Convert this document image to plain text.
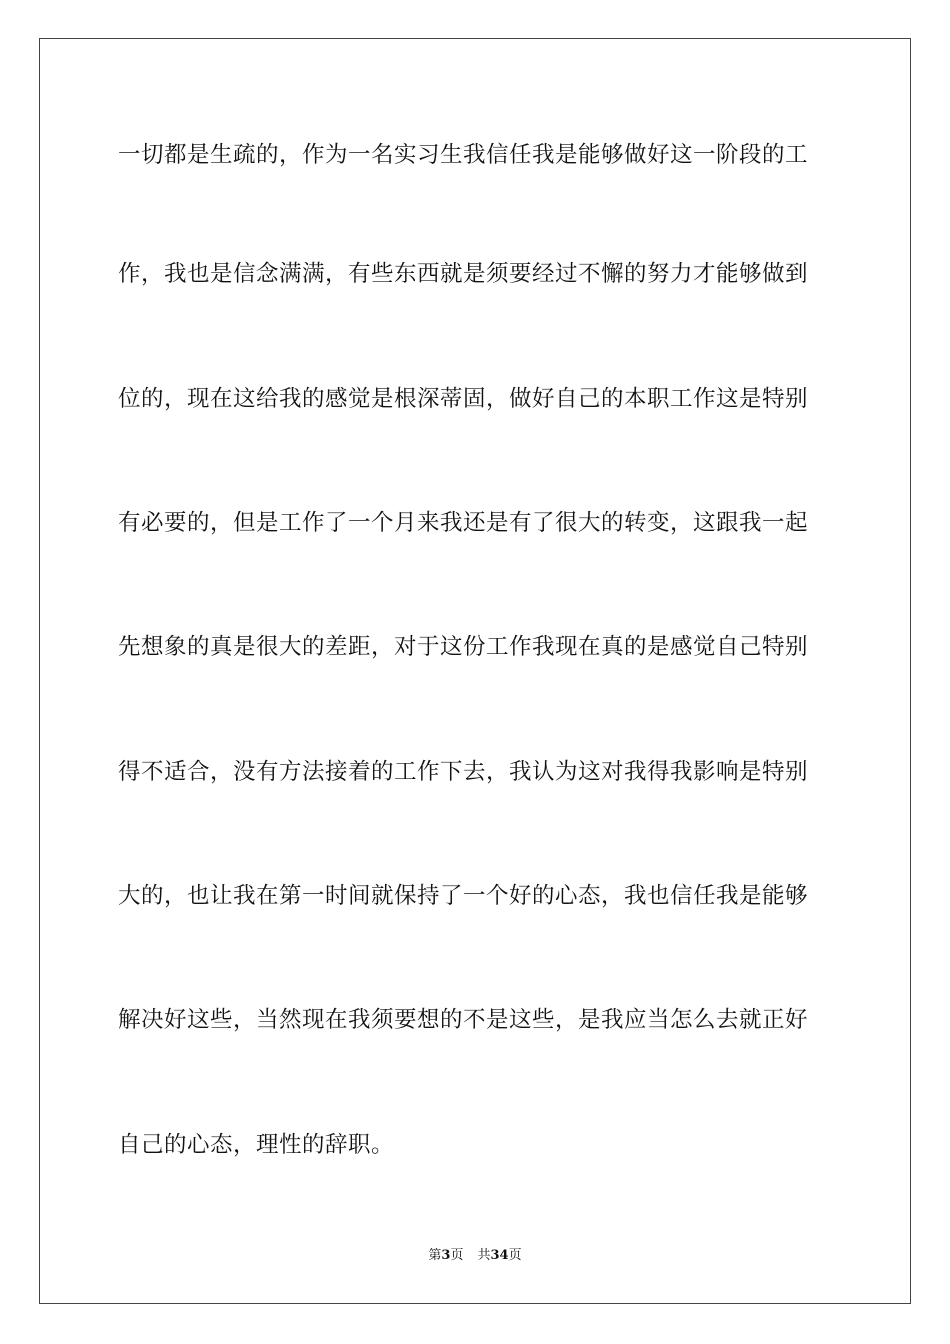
一切都是生疏的，作为一名实习生我信任我是能够做好这一阶段的工
作，我也是信念满满，有些东西就是须要经过不懈的努力才能够做到
位的，现在这给我的感觉是根深蒂固，做好自己的本职工作这是特别
有必要的，但是工作了一个月来我还是有了很大的转变，这跟我一起
先想象的真是很大的差距，对于这份工作我现在真的是感觉自己特别
得不适合，没有方法接着的工作下去，我认为这对我得我影响是特别
大的，也让我在第一时间就保持了一个好的心态，我也信任我是能够
解决好这些，当然现在我须要想的不是这些，是我应当怎么去就正好
自己的心态，理性的辞职。
第3页 共34页
